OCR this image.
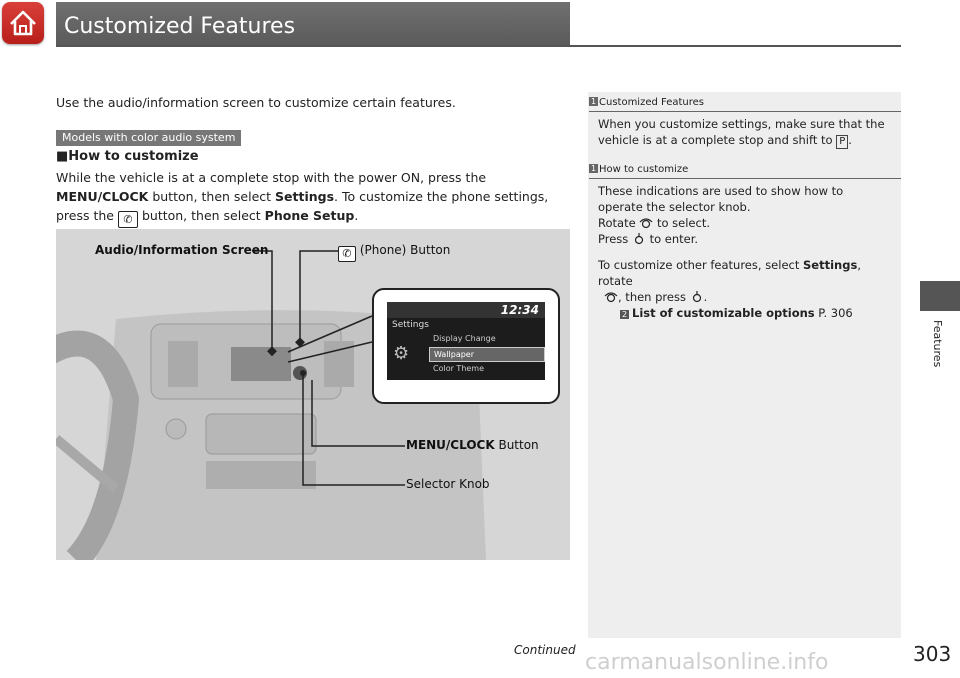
Customized Features
Use the audio/information screen to customize certain features.
Models with color audio system
■How to customize
While the vehicle is at a complete stop with the power ON, press the MENU/CLOCK button, then select Settings. To customize the phone settings, press the ✆ button, then select Phone Setup.
Audio/Information Screen	✆ (Phone) Button
MENU/CLOCK Button
Selector Knob
12:34
Settings
⚙
Display Change
Wallpaper
Color Theme
1 Customized Features
When you customize settings, make sure that the vehicle is at a complete stop and shift to P .
1 How to customize
These indications are used to show how to operate the selector knob.
Rotate  to select.
Press  to enter.
To customize other features, select Settings, rotate
, then press .
2 List of customizable options P. 306
Features
carmanualsonline.info
Continued	303
